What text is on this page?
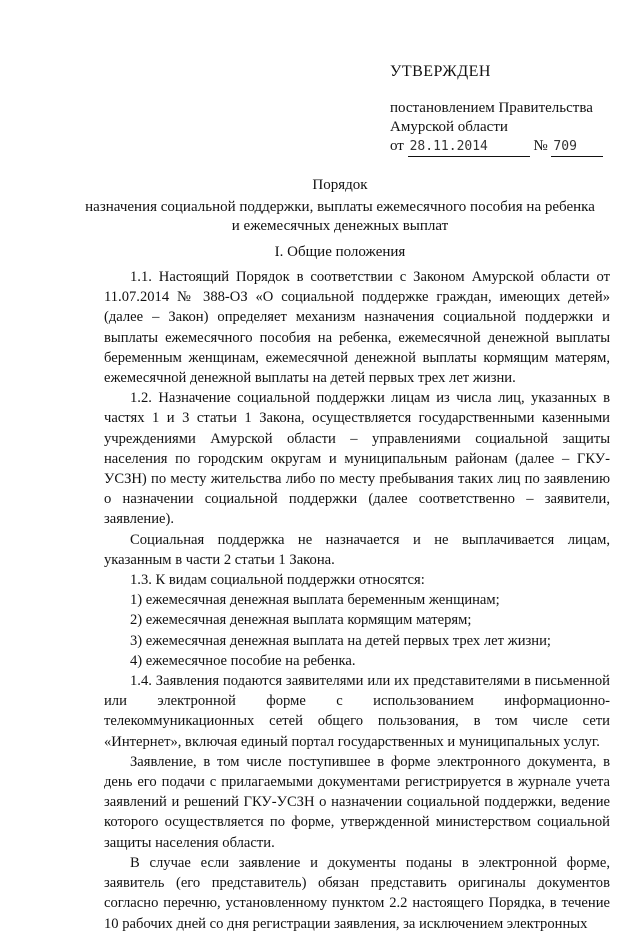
УТВЕРЖДЕН
постановлением Правительства
Амурской области
от 28.11.2014	№ 709
Порядок
назначения социальной поддержки, выплаты ежемесячного пособия на ребенка
и ежемесячных денежных выплат
I. Общие положения

1.1. Настоящий Порядок в соответствии с Законом Амурской области от 11.07.2014 № 388-ОЗ «О социальной поддержке граждан, имеющих детей» (далее – Закон) определяет механизм назначения социальной поддержки и выплаты ежемесячного пособия на ребенка, ежемесячной денежной выплаты беременным женщинам, ежемесячной денежной выплаты кормящим матерям, ежемесячной денежной выплаты на детей первых трех лет жизни.

1.2. Назначение социальной поддержки лицам из числа лиц, указанных в частях 1 и 3 статьи 1 Закона, осуществляется государственными казенными учреждениями Амурской области – управлениями социальной защиты населения по городским округам и муниципальным районам (далее – ГКУ-УСЗН) по месту жительства либо по месту пребывания таких лиц по заявлению о назначении социальной поддержки (далее соответственно – заявители, заявление).

Социальная поддержка не назначается и не выплачивается лицам, указанным в части 2 статьи 1 Закона.

1.3. К видам социальной поддержки относятся:

1) ежемесячная денежная выплата беременным женщинам;

2) ежемесячная денежная выплата кормящим матерям;

3) ежемесячная денежная выплата на детей первых трех лет жизни;

4) ежемесячное пособие на ребенка.

1.4. Заявления подаются заявителями или их представителями в письменной или электронной форме с использованием информационно-телекоммуникационных сетей общего пользования, в том числе сети «Интернет», включая единый портал государственных и муниципальных услуг.

Заявление, в том числе поступившее в форме электронного документа, в день его подачи с прилагаемыми документами регистрируется в журнале учета заявлений и решений ГКУ-УСЗН о назначении социальной поддержки, ведение которого осуществляется по форме, утвержденной министерством социальной защиты населения области.

В случае если заявление и документы поданы в электронной форме, заявитель (его представитель) обязан представить оригиналы документов согласно перечню, установленному пунктом 2.2 настоящего Порядка, в течение 10 рабочих дней со дня регистрации заявления, за исключением электронных
